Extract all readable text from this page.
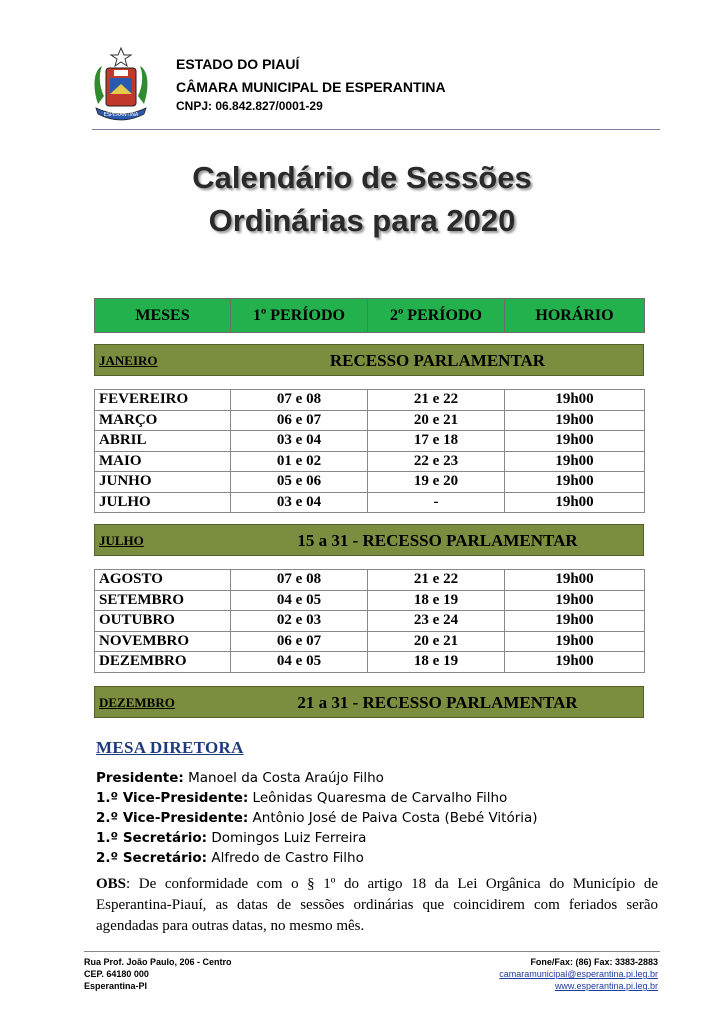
ESPERANTINA
ESTADO DO PIAUÍ
CÂMARA MUNICIPAL DE ESPERANTINA
CNPJ: 06.842.827/0001-29
Calendário de Sessões
Ordinárias para 2020
MESES	1º PERÍODO	2º PERÍODO	HORÁRIO
JANEIRO	RECESSO PARLAMENTAR
FEVEREIRO	07 e 08	21 e 22	19h00
MARÇO	06 e 07	20 e 21	19h00
ABRIL	03 e 04	17 e 18	19h00
MAIO	01 e 02	22 e 23	19h00
JUNHO	05 e 06	19 e 20	19h00
JULHO	03 e 04	-	19h00
JULHO	15 a 31 - RECESSO PARLAMENTAR
AGOSTO	07 e 08	21 e 22	19h00
SETEMBRO	04 e 05	18 e 19	19h00
OUTUBRO	02 e 03	23 e 24	19h00
NOVEMBRO	06 e 07	20 e 21	19h00
DEZEMBRO	04 e 05	18 e 19	19h00
DEZEMBRO	21 a 31 - RECESSO PARLAMENTAR
MESA DIRETORA
Presidente: Manoel da Costa Araújo Filho
1.º Vice-Presidente: Leônidas Quaresma de Carvalho Filho
2.º Vice-Presidente: Antônio José de Paiva Costa (Bebé Vitória)
1.º Secretário: Domingos Luiz Ferreira
2.º Secretário: Alfredo de Castro Filho
OBS: De conformidade com o § 1º do artigo 18 da Lei Orgânica do Município de Esperantina-Piauí, as datas de sessões ordinárias que coincidirem com feriados serão agendadas para outras datas, no mesmo mês.
Rua Prof. João Paulo, 206 - Centro
CEP. 64180 000
Esperantina-PI
Fone/Fax: (86) Fax: 3383-2883
camaramunicipal@esperantina.pi.leg.br
www.esperantina.pi.leg.br
